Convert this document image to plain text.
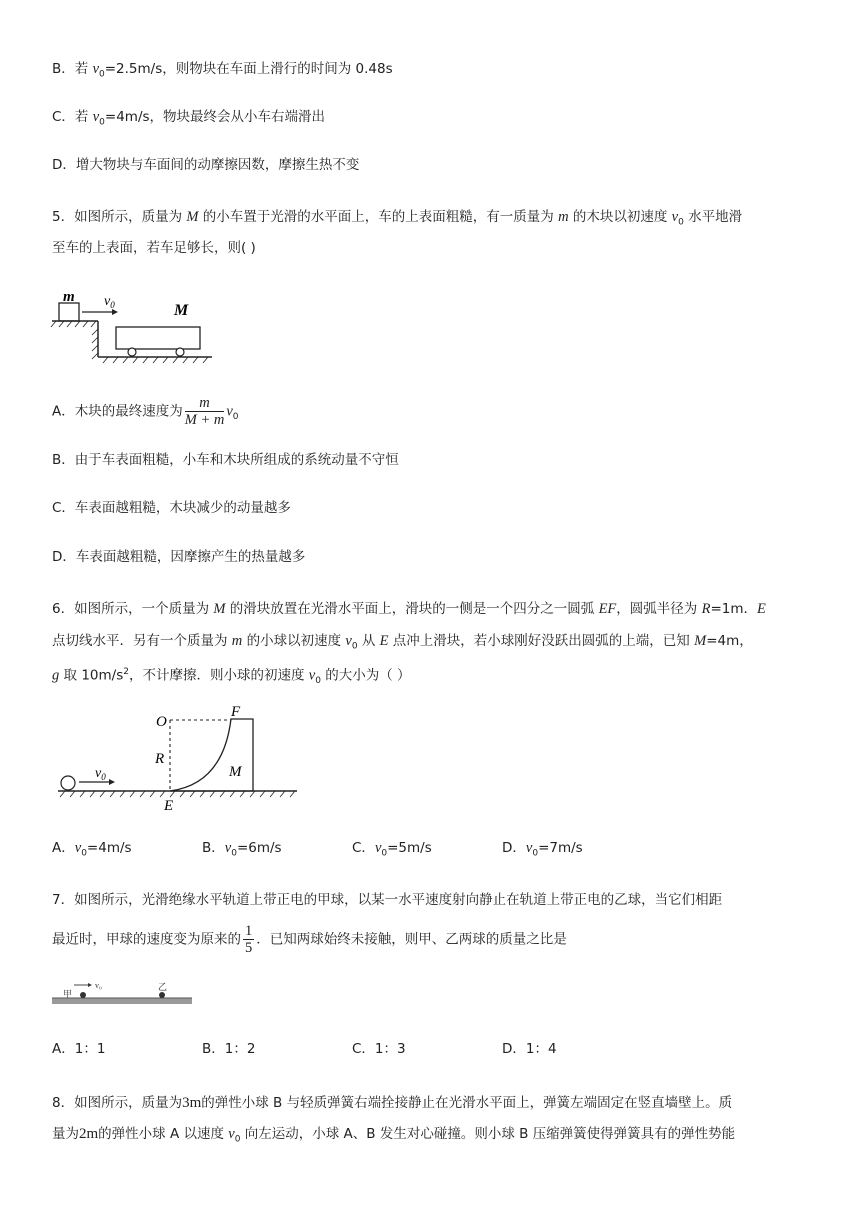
B．若 $v_0=2.5m/s$，则物块在车面上滑行的时间为 0.48s
C．若 $v_0=4m/s$，物块最终会从小车右端滑出
D．增大物块与车面间的动摩擦因数，摩擦生热不变
5．如图所示，质量为 M 的小车置于光滑的水平面上，车的上表面粗糙，有一质量为 m 的木块以初速度 $v_0$ 水平地滑
至车的上表面，若车足够长，则( )
m $v_0$	M
A．木块的最终速度为 $\frac{m}{M + m} v_0$
B．由于车表面粗糙，小车和木块所组成的系统动量不守恒
C．车表面越粗糙，木块减少的动量越多
D．车表面越粗糙，因摩擦产生的热量越多
6．如图所示，一个质量为 M 的滑块放置在光滑水平面上，滑块的一侧是一个四分之一圆弧 EF，圆弧半径为 R=1m．E
点切线水平．另有一个质量为 m 的小球以初速度 $v_0$ 从 E 点冲上滑块，若小球刚好没跃出圆弧的上端，已知 M=4m，
g 取 $10m/s^2$，不计摩擦．则小球的初速度 $v_0$ 的大小为（ ）
$v_0$
O
F
R
M
E
A．$v_0=4m/s$	B．$v_0=6m/s$	C．$v_0=5m/s$	D．$v_0=7m/s$
7．如图所示，光滑绝缘水平轨道上带正电的甲球，以某一水平速度射向静止在轨道上带正电的乙球，当它们相距
最近时，甲球的速度变为原来的 $\frac{1}{5}$ ．已知两球始终未接触，则甲、乙两球的质量之比是
甲
v₀	乙
A．1：1	B．1：2	C．1：3	D．1：4
8．如图所示，质量为3m的弹性小球 B 与轻质弹簧右端拴接静止在光滑水平面上，弹簧左端固定在竖直墙壁上。质
量为2m的弹性小球 A 以速度 $v_0$ 向左运动，小球 A、B 发生对心碰撞。则小球 B 压缩弹簧使得弹簧具有的弹性势能
